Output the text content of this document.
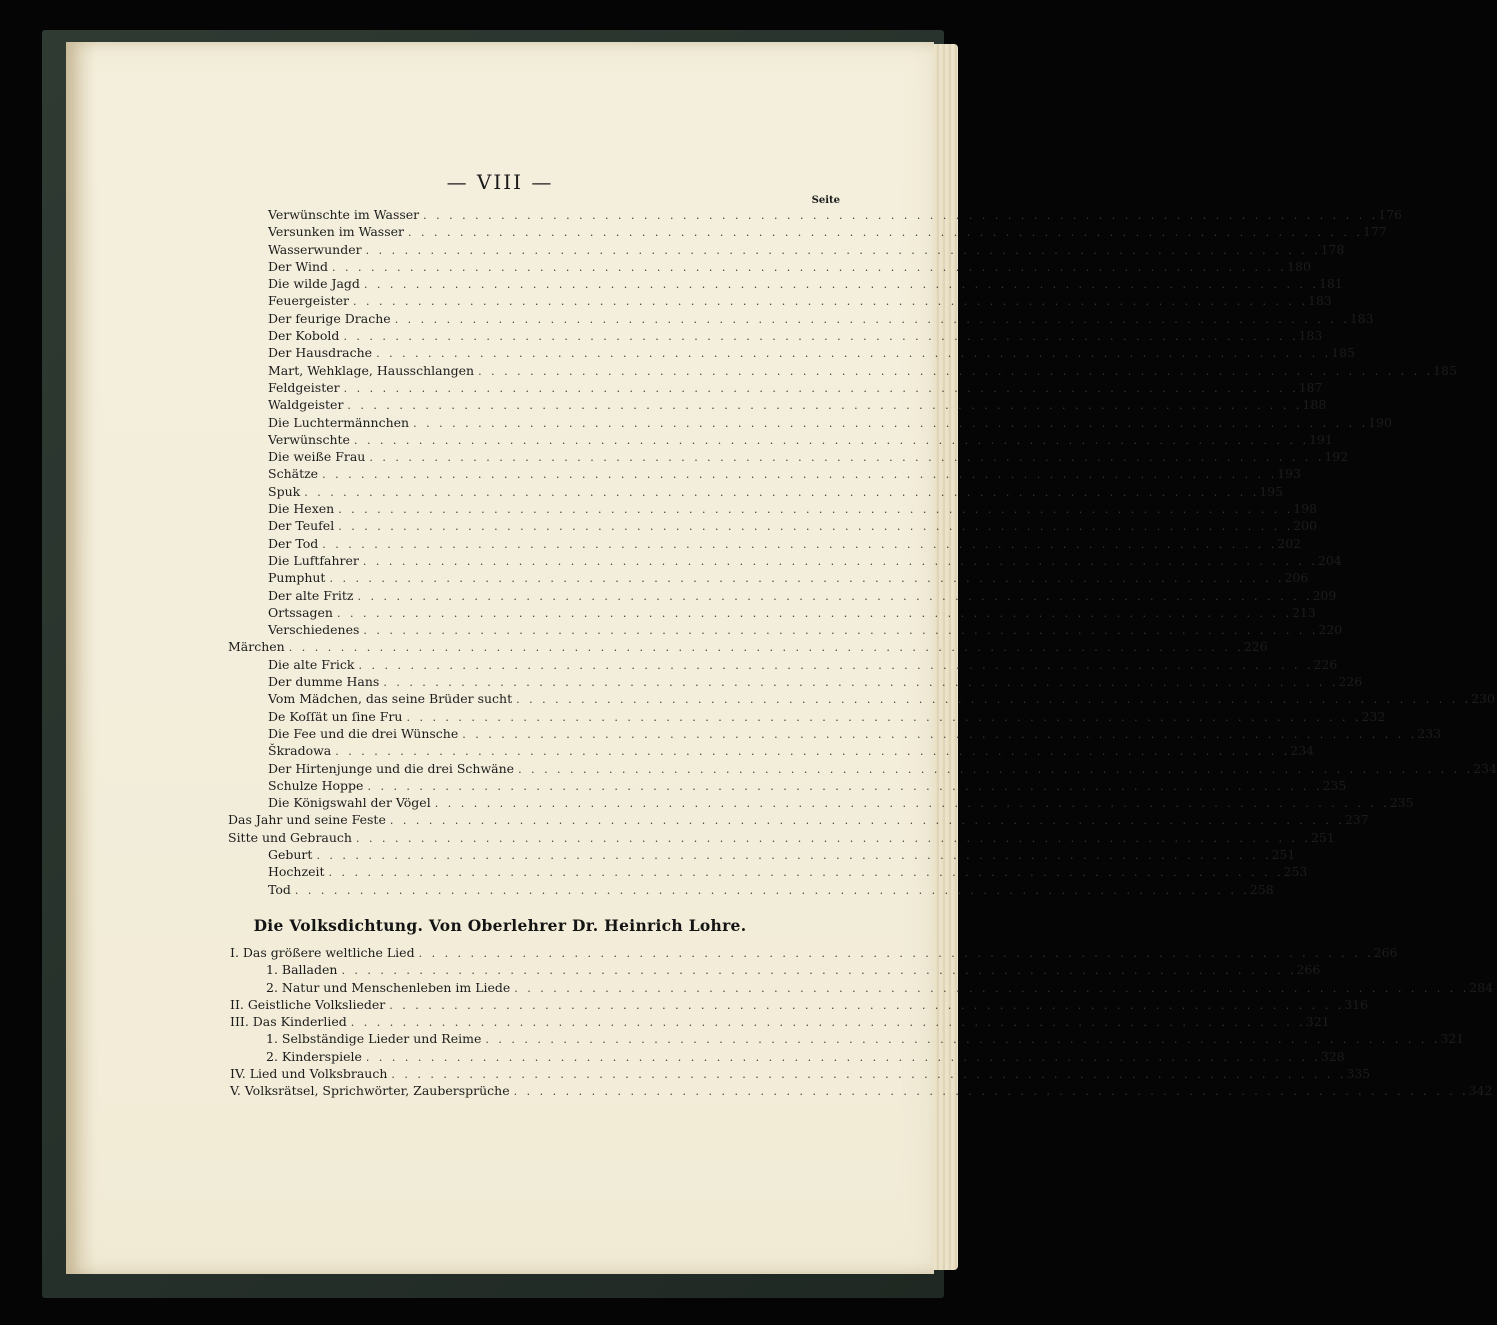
— VIII —
Seite
Verwünschte im Wasser . . . . . . . . . . . . . . . . . . . . . . . . . . . . . . . . . . . . . . . . . . . . . . . . . . . . . . . . . . . . . . . . . . . . . . . . . . 176
Versunken im Wasser . . . . . . . . . . . . . . . . . . . . . . . . . . . . . . . . . . . . . . . . . . . . . . . . . . . . . . . . . . . . . . . . . . . . . . . . . . 177
Wasserwunder . . . . . . . . . . . . . . . . . . . . . . . . . . . . . . . . . . . . . . . . . . . . . . . . . . . . . . . . . . . . . . . . . . . . . . . . . . 178
Der Wind . . . . . . . . . . . . . . . . . . . . . . . . . . . . . . . . . . . . . . . . . . . . . . . . . . . . . . . . . . . . . . . . . . . . . . . . . . 180
Die wilde Jagd . . . . . . . . . . . . . . . . . . . . . . . . . . . . . . . . . . . . . . . . . . . . . . . . . . . . . . . . . . . . . . . . . . . . . . . . . . 181
Feuergeister . . . . . . . . . . . . . . . . . . . . . . . . . . . . . . . . . . . . . . . . . . . . . . . . . . . . . . . . . . . . . . . . . . . . . . . . . . 183
Der feurige Drache . . . . . . . . . . . . . . . . . . . . . . . . . . . . . . . . . . . . . . . . . . . . . . . . . . . . . . . . . . . . . . . . . . . . . . . . . . 183
Der Kobold . . . . . . . . . . . . . . . . . . . . . . . . . . . . . . . . . . . . . . . . . . . . . . . . . . . . . . . . . . . . . . . . . . . . . . . . . . 183
Der Hausdrache . . . . . . . . . . . . . . . . . . . . . . . . . . . . . . . . . . . . . . . . . . . . . . . . . . . . . . . . . . . . . . . . . . . . . . . . . . 185
Mart, Wehklage, Hausschlangen . . . . . . . . . . . . . . . . . . . . . . . . . . . . . . . . . . . . . . . . . . . . . . . . . . . . . . . . . . . . . . . . . . . . . . . . . . 185
Feldgeister . . . . . . . . . . . . . . . . . . . . . . . . . . . . . . . . . . . . . . . . . . . . . . . . . . . . . . . . . . . . . . . . . . . . . . . . . . 187
Waldgeister . . . . . . . . . . . . . . . . . . . . . . . . . . . . . . . . . . . . . . . . . . . . . . . . . . . . . . . . . . . . . . . . . . . . . . . . . . 188
Die Luchtermännchen . . . . . . . . . . . . . . . . . . . . . . . . . . . . . . . . . . . . . . . . . . . . . . . . . . . . . . . . . . . . . . . . . . . . . . . . . . 190
Verwünschte . . . . . . . . . . . . . . . . . . . . . . . . . . . . . . . . . . . . . . . . . . . . . . . . . . . . . . . . . . . . . . . . . . . . . . . . . . 191
Die weiße Frau . . . . . . . . . . . . . . . . . . . . . . . . . . . . . . . . . . . . . . . . . . . . . . . . . . . . . . . . . . . . . . . . . . . . . . . . . . 192
Schätze . . . . . . . . . . . . . . . . . . . . . . . . . . . . . . . . . . . . . . . . . . . . . . . . . . . . . . . . . . . . . . . . . . . . . . . . . . 193
Spuk . . . . . . . . . . . . . . . . . . . . . . . . . . . . . . . . . . . . . . . . . . . . . . . . . . . . . . . . . . . . . . . . . . . . . . . . . . 195
Die Hexen . . . . . . . . . . . . . . . . . . . . . . . . . . . . . . . . . . . . . . . . . . . . . . . . . . . . . . . . . . . . . . . . . . . . . . . . . . 198
Der Teufel . . . . . . . . . . . . . . . . . . . . . . . . . . . . . . . . . . . . . . . . . . . . . . . . . . . . . . . . . . . . . . . . . . . . . . . . . . 200
Der Tod . . . . . . . . . . . . . . . . . . . . . . . . . . . . . . . . . . . . . . . . . . . . . . . . . . . . . . . . . . . . . . . . . . . . . . . . . . 202
Die Luftfahrer . . . . . . . . . . . . . . . . . . . . . . . . . . . . . . . . . . . . . . . . . . . . . . . . . . . . . . . . . . . . . . . . . . . . . . . . . . 204
Pumphut . . . . . . . . . . . . . . . . . . . . . . . . . . . . . . . . . . . . . . . . . . . . . . . . . . . . . . . . . . . . . . . . . . . . . . . . . . 206
Der alte Fritz . . . . . . . . . . . . . . . . . . . . . . . . . . . . . . . . . . . . . . . . . . . . . . . . . . . . . . . . . . . . . . . . . . . . . . . . . . 209
Ortssagen . . . . . . . . . . . . . . . . . . . . . . . . . . . . . . . . . . . . . . . . . . . . . . . . . . . . . . . . . . . . . . . . . . . . . . . . . . 213
Verschiedenes . . . . . . . . . . . . . . . . . . . . . . . . . . . . . . . . . . . . . . . . . . . . . . . . . . . . . . . . . . . . . . . . . . . . . . . . . . 220
Märchen . . . . . . . . . . . . . . . . . . . . . . . . . . . . . . . . . . . . . . . . . . . . . . . . . . . . . . . . . . . . . . . . . . . . . . . . . . 226
Die alte Frick . . . . . . . . . . . . . . . . . . . . . . . . . . . . . . . . . . . . . . . . . . . . . . . . . . . . . . . . . . . . . . . . . . . . . . . . . . 226
Der dumme Hans . . . . . . . . . . . . . . . . . . . . . . . . . . . . . . . . . . . . . . . . . . . . . . . . . . . . . . . . . . . . . . . . . . . . . . . . . . 226
Vom Mädchen, das seine Brüder sucht . . . . . . . . . . . . . . . . . . . . . . . . . . . . . . . . . . . . . . . . . . . . . . . . . . . . . . . . . . . . . . . . . . . . . . . . . . 230
De Koſſät un ſine Fru . . . . . . . . . . . . . . . . . . . . . . . . . . . . . . . . . . . . . . . . . . . . . . . . . . . . . . . . . . . . . . . . . . . . . . . . . . 232
Die Fee und die drei Wünsche . . . . . . . . . . . . . . . . . . . . . . . . . . . . . . . . . . . . . . . . . . . . . . . . . . . . . . . . . . . . . . . . . . . . . . . . . . 233
Škradowa . . . . . . . . . . . . . . . . . . . . . . . . . . . . . . . . . . . . . . . . . . . . . . . . . . . . . . . . . . . . . . . . . . . . . . . . . . 234
Der Hirtenjunge und die drei Schwäne . . . . . . . . . . . . . . . . . . . . . . . . . . . . . . . . . . . . . . . . . . . . . . . . . . . . . . . . . . . . . . . . . . . . . . . . . . 234
Schulze Hoppe . . . . . . . . . . . . . . . . . . . . . . . . . . . . . . . . . . . . . . . . . . . . . . . . . . . . . . . . . . . . . . . . . . . . . . . . . . 235
Die Königswahl der Vögel . . . . . . . . . . . . . . . . . . . . . . . . . . . . . . . . . . . . . . . . . . . . . . . . . . . . . . . . . . . . . . . . . . . . . . . . . . 235
Das Jahr und seine Feste . . . . . . . . . . . . . . . . . . . . . . . . . . . . . . . . . . . . . . . . . . . . . . . . . . . . . . . . . . . . . . . . . . . . . . . . . . 237
Sitte und Gebrauch . . . . . . . . . . . . . . . . . . . . . . . . . . . . . . . . . . . . . . . . . . . . . . . . . . . . . . . . . . . . . . . . . . . . . . . . . . 251
Geburt . . . . . . . . . . . . . . . . . . . . . . . . . . . . . . . . . . . . . . . . . . . . . . . . . . . . . . . . . . . . . . . . . . . . . . . . . . 251
Hochzeit . . . . . . . . . . . . . . . . . . . . . . . . . . . . . . . . . . . . . . . . . . . . . . . . . . . . . . . . . . . . . . . . . . . . . . . . . . 253
Tod . . . . . . . . . . . . . . . . . . . . . . . . . . . . . . . . . . . . . . . . . . . . . . . . . . . . . . . . . . . . . . . . . . . . . . . . . . 258
Die Volksdichtung. Von Oberlehrer Dr. Heinrich Lohre.
I. Das größere weltliche Lied . . . . . . . . . . . . . . . . . . . . . . . . . . . . . . . . . . . . . . . . . . . . . . . . . . . . . . . . . . . . . . . . . . . . . . . . . . 266
1. Balladen . . . . . . . . . . . . . . . . . . . . . . . . . . . . . . . . . . . . . . . . . . . . . . . . . . . . . . . . . . . . . . . . . . . . . . . . . . 266
2. Natur und Menschenleben im Liede . . . . . . . . . . . . . . . . . . . . . . . . . . . . . . . . . . . . . . . . . . . . . . . . . . . . . . . . . . . . . . . . . . . . . . . . . . 284
II. Geistliche Volkslieder . . . . . . . . . . . . . . . . . . . . . . . . . . . . . . . . . . . . . . . . . . . . . . . . . . . . . . . . . . . . . . . . . . . . . . . . . . 316
III. Das Kinderlied . . . . . . . . . . . . . . . . . . . . . . . . . . . . . . . . . . . . . . . . . . . . . . . . . . . . . . . . . . . . . . . . . . . . . . . . . . 321
1. Selbständige Lieder und Reime . . . . . . . . . . . . . . . . . . . . . . . . . . . . . . . . . . . . . . . . . . . . . . . . . . . . . . . . . . . . . . . . . . . . . . . . . . 321
2. Kinderspiele . . . . . . . . . . . . . . . . . . . . . . . . . . . . . . . . . . . . . . . . . . . . . . . . . . . . . . . . . . . . . . . . . . . . . . . . . . 328
IV. Lied und Volksbrauch . . . . . . . . . . . . . . . . . . . . . . . . . . . . . . . . . . . . . . . . . . . . . . . . . . . . . . . . . . . . . . . . . . . . . . . . . . 335
V. Volksrätsel, Sprichwörter, Zaubersprüche . . . . . . . . . . . . . . . . . . . . . . . . . . . . . . . . . . . . . . . . . . . . . . . . . . . . . . . . . . . . . . . . . . . . . . . . . . 342
